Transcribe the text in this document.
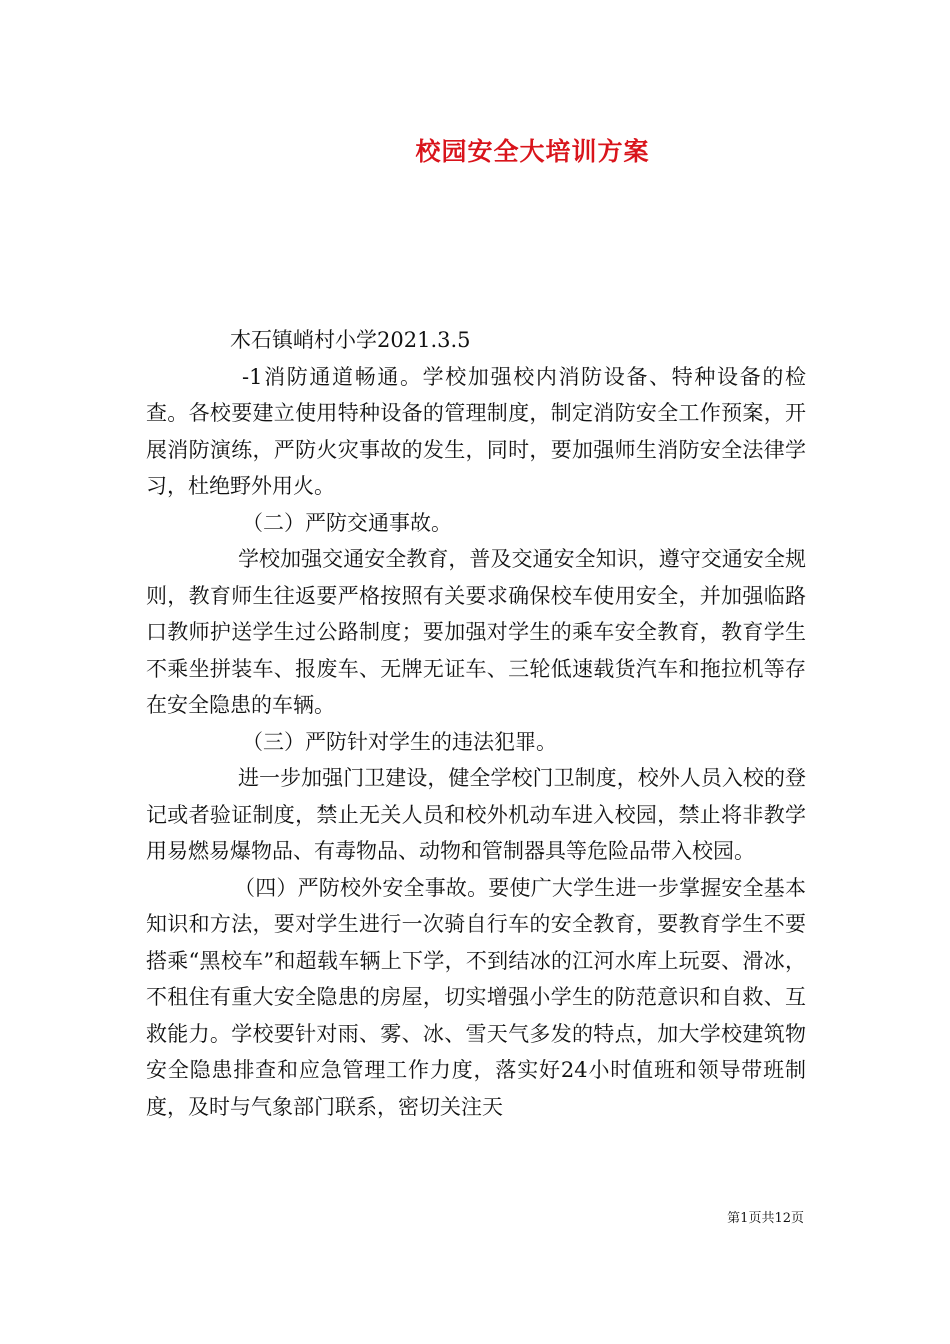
校园安全大培训方案

木石镇峭村小学2021.3.5

-1消防通道畅通。学校加强校内消防设备、特种设备的检查。各校要建立使用特种设备的管理制度，制定消防安全工作预案，开展消防演练，严防火灾事故的发生，同时，要加强师生消防安全法律学习，杜绝野外用火。

（二）严防交通事故。

学校加强交通安全教育，普及交通安全知识，遵守交通安全规则，教育师生往返要严格按照有关要求确保校车使用安全，并加强临路口教师护送学生过公路制度；要加强对学生的乘车安全教育，教育学生不乘坐拼装车、报废车、无牌无证车、三轮低速载货汽车和拖拉机等存在安全隐患的车辆。

（三）严防针对学生的违法犯罪。

进一步加强门卫建设，健全学校门卫制度，校外人员入校的登记或者验证制度，禁止无关人员和校外机动车进入校园，禁止将非教学用易燃易爆物品、有毒物品、动物和管制器具等危险品带入校园。

（四）严防校外安全事故。要使广大学生进一步掌握安全基本知识和方法，要对学生进行一次骑自行车的安全教育，要教育学生不要搭乘“黑校车”和超载车辆上下学，不到结冰的江河水库上玩耍、滑冰，不租住有重大安全隐患的房屋，切实增强小学生的防范意识和自救、互救能力。学校要针对雨、雾、冰、雪天气多发的特点，加大学校建筑物安全隐患排查和应急管理工作力度，落实好24小时值班和领导带班制度，及时与气象部门联系，密切关注天

第1页共12页
